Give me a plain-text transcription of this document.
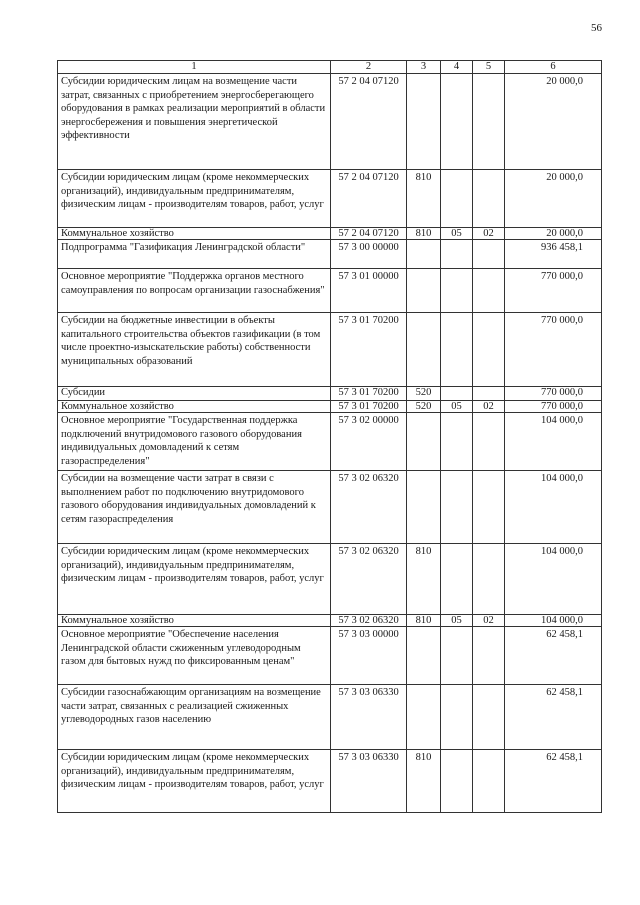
56
1	2	3	4	5	6
Субсидии юридическим лицам на возмещение части затрат, связанных с приобретением энергосберегающего оборудования в рамках реализации мероприятий в области энергосбережения и повышения энергетической эффективности	57 2 04 07120				20 000,0
Субсидии юридическим лицам (кроме некоммерческих организаций), индивидуальным предпринимателям, физическим лицам - производителям товаров, работ, услуг	57 2 04 07120	810			20 000,0
Коммунальное хозяйство	57 2 04 07120	810	05	02	20 000,0
Подпрограмма "Газификация Ленинградской области"	57 3 00 00000				936 458,1
Основное мероприятие "Поддержка органов местного самоуправления по вопросам организации газоснабжения"	57 3 01 00000				770 000,0
Субсидии на бюджетные инвестиции в объекты капитального строительства объектов газификации (в том числе проектно-изыскательские работы) собственности муниципальных образований	57 3 01 70200				770 000,0
Субсидии	57 3 01 70200	520			770 000,0
Коммунальное хозяйство	57 3 01 70200	520	05	02	770 000,0
Основное мероприятие "Государственная поддержка подключений внутридомового газового оборудования индивидуальных домовладений к сетям газораспределения"	57 3 02 00000				104 000,0
Субсидии на возмещение части затрат в связи с выполнением работ по подключению внутридомового газового оборудования индивидуальных домовладений к сетям газораспределения	57 3 02 06320				104 000,0
Субсидии юридическим лицам (кроме некоммерческих организаций), индивидуальным предпринимателям, физическим лицам - производителям товаров, работ, услуг	57 3 02 06320	810			104 000,0
Коммунальное хозяйство	57 3 02 06320	810	05	02	104 000,0
Основное мероприятие "Обеспечение населения Ленинградской области сжиженным углеводородным газом для бытовых нужд по фиксированным ценам"	57 3 03 00000				62 458,1
Субсидии газоснабжающим организациям на возмещение части затрат, связанных с реализацией сжиженных углеводородных газов населению	57 3 03 06330				62 458,1
Субсидии юридическим лицам (кроме некоммерческих организаций), индивидуальным предпринимателям, физическим лицам - производителям товаров, работ, услуг	57 3 03 06330	810			62 458,1
